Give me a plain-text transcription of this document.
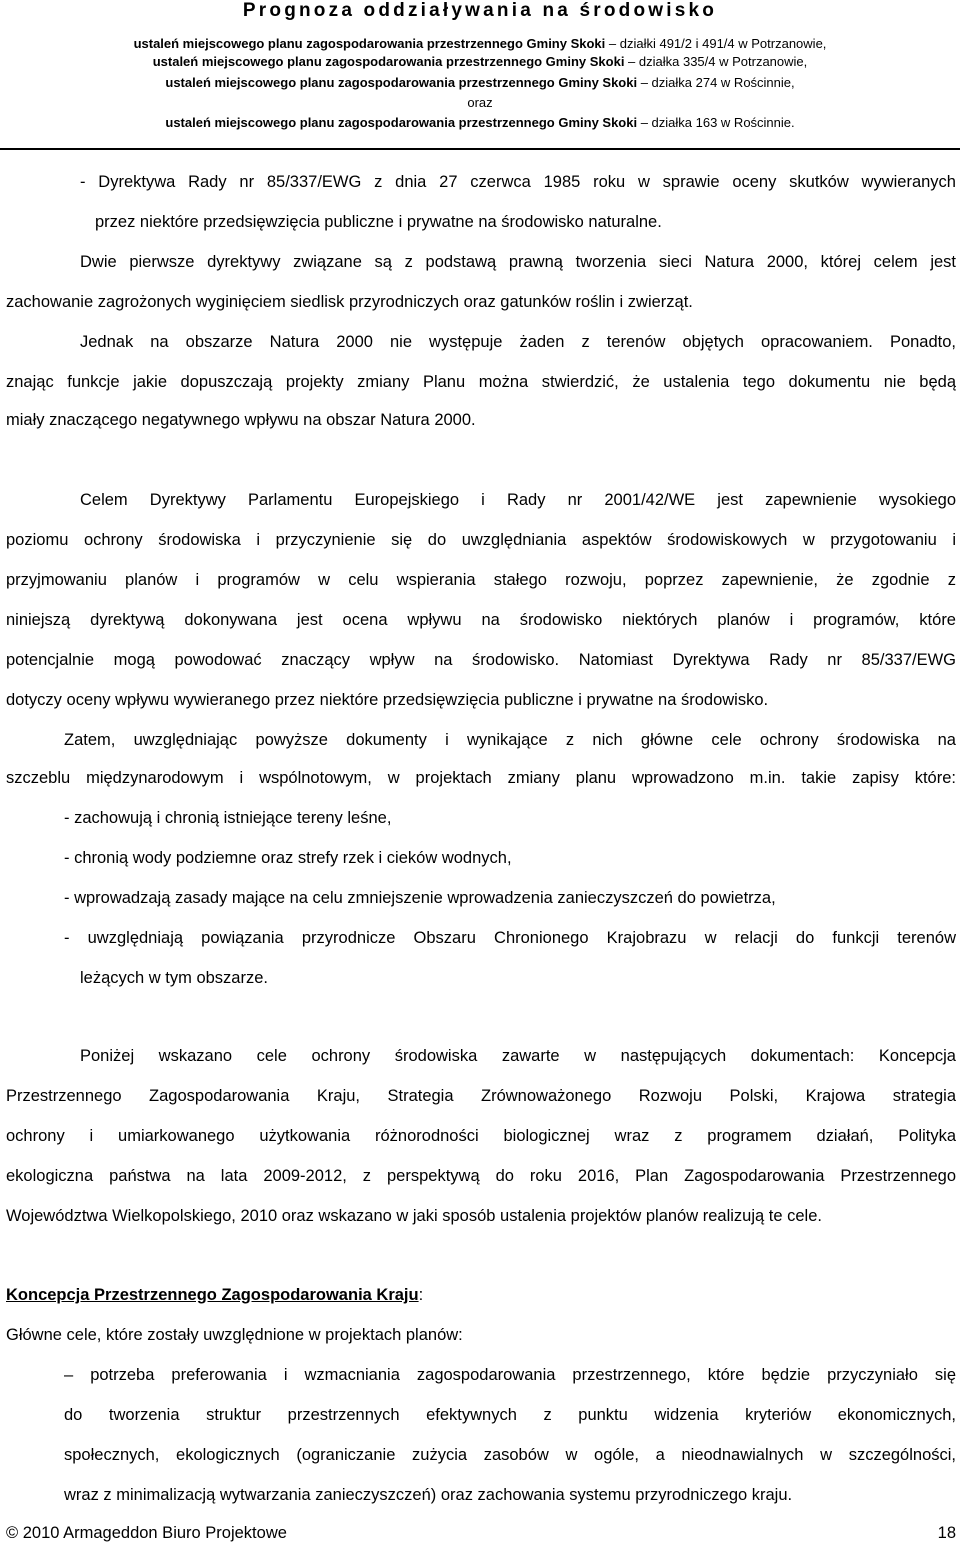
Prognoza oddziaływania na środowisko
ustaleń miejscowego planu zagospodarowania przestrzennego Gminy Skoki – działki 491/2 i 491/4 w Potrzanowie,
ustaleń miejscowego planu zagospodarowania przestrzennego Gminy Skoki – działka 335/4 w Potrzanowie,
ustaleń miejscowego planu zagospodarowania przestrzennego Gminy Skoki – działka 274 w Rościnnie,
oraz
ustaleń miejscowego planu zagospodarowania przestrzennego Gminy Skoki – działka 163 w Rościnnie.
- Dyrektywa Rady nr 85/337/EWG z dnia 27 czerwca 1985 roku w sprawie oceny skutków wywieranych
przez niektóre przedsięwzięcia publiczne i prywatne na środowisko naturalne.
Dwie pierwsze dyrektywy związane są z podstawą prawną tworzenia sieci Natura 2000, której celem jest
zachowanie zagrożonych wyginięciem siedlisk przyrodniczych oraz gatunków roślin i zwierząt.
Jednak na obszarze Natura 2000 nie występuje żaden z terenów objętych opracowaniem. Ponadto,
znając funkcje jakie dopuszczają projekty zmiany Planu można stwierdzić, że ustalenia tego dokumentu nie będą
miały znaczącego negatywnego wpływu na obszar Natura 2000.
Celem Dyrektywy Parlamentu Europejskiego i Rady nr 2001/42/WE jest zapewnienie wysokiego
poziomu ochrony środowiska i przyczynienie się do uwzględniania aspektów środowiskowych w przygotowaniu i
przyjmowaniu planów i programów w celu wspierania stałego rozwoju, poprzez zapewnienie, że zgodnie z
niniejszą dyrektywą dokonywana jest ocena wpływu na środowisko niektórych planów i programów, które
potencjalnie mogą powodować znaczący wpływ na środowisko. Natomiast Dyrektywa Rady nr 85/337/EWG
dotyczy oceny wpływu wywieranego przez niektóre przedsięwzięcia publiczne i prywatne na środowisko.
Zatem, uwzględniając powyższe dokumenty i wynikające z nich główne cele ochrony środowiska na
szczeblu międzynarodowym i wspólnotowym, w projektach zmiany planu wprowadzono m.in. takie zapisy które:
- zachowują i chronią istniejące tereny leśne,
- chronią wody podziemne oraz strefy rzek i cieków wodnych,
- wprowadzają zasady mające na celu zmniejszenie wprowadzenia zanieczyszczeń do powietrza,
- uwzględniają powiązania przyrodnicze Obszaru Chronionego Krajobrazu w relacji do funkcji terenów
leżących w tym obszarze.
Poniżej wskazano cele ochrony środowiska zawarte w następujących dokumentach: Koncepcja
Przestrzennego Zagospodarowania Kraju, Strategia Zrównoważonego Rozwoju Polski, Krajowa strategia
ochrony i umiarkowanego użytkowania różnorodności biologicznej wraz z programem działań, Polityka
ekologiczna państwa na lata 2009-2012, z perspektywą do roku 2016, Plan Zagospodarowania Przestrzennego
Województwa Wielkopolskiego, 2010 oraz wskazano w jaki sposób ustalenia projektów planów realizują te cele.
Koncepcja Przestrzennego Zagospodarowania Kraju:
Główne cele, które zostały uwzględnione w projektach planów:
– potrzeba preferowania i wzmacniania zagospodarowania przestrzennego, które będzie przyczyniało się
do tworzenia struktur przestrzennych efektywnych z punktu widzenia kryteriów ekonomicznych,
społecznych, ekologicznych (ograniczanie zużycia zasobów w ogóle, a nieodnawialnych w szczególności,
wraz z minimalizacją wytwarzania zanieczyszczeń) oraz zachowania systemu przyrodniczego kraju.
© 2010 Armageddon Biuro Projektowe	18
